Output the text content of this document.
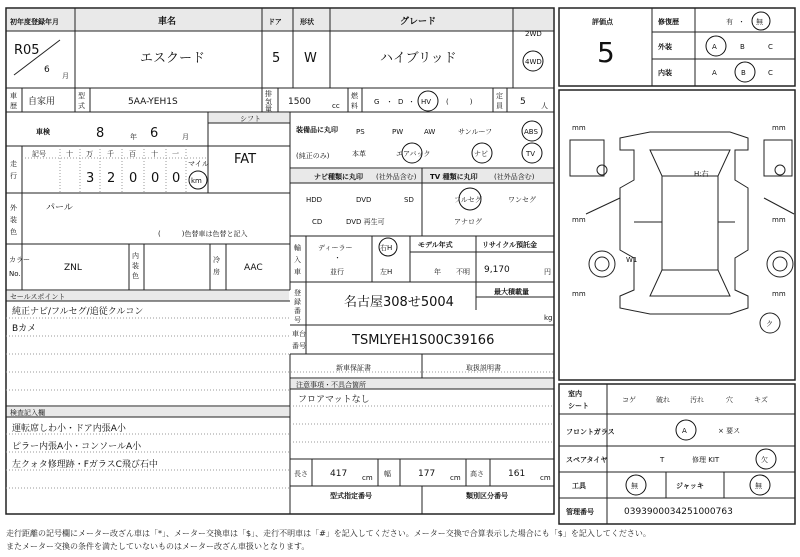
初年度登録年月
R05
6
月
車名
エスクード
ドア
5
形状
W
グレード
ハイブリッド
2WD
4WD
車
歴 自家用
型
式	5AA-YEH1S
排
気
量
1500	cc
燃
料 G ・ D ・ HV (　　　)
定
員 5 人
車検	8	年 6	月
シフト
FAT
走
行
記号	十 万 千 百 十 一
3 2 0 0 0
マイル
km
装備品に丸印
(純正のみ)
PS	PW	AW	サンルーフ	ABS
本革	エアバック	ナビ	TV
ナビ種類に丸印 (社外品含む)
HDD	DVD	SD
CD	DVD 再生可
TV 種類に丸印 (社外品含む)
フルセグ	ワンセグ
アナログ
外
装
色
パール
(　　　)色替車は色替と記入
カラー
No.
ZNL
内
装
色
冷
房	AAC
輸
入
車
ディーラー
・
並行
右H
左H
モデル年式
年 不明
リサイクル預託金
9,170	円
登
録
番
号
名古屋308せ5004
最大積載量
kg
車台
番号	TSMLYEH1S00C39166
セールスポイント
純正ナビ/フルセグ/追従クルコン
Bカメ
新車保証書	取扱説明書
注意事項・不具合箇所
フロアマットなし
検査記入欄
運転席しわ小・ドア内張A小
ピラー内張A小・コンソールA小
左クォタ修理跡・FガラスC飛び石中
長さ 417 cm 幅	177 cm 高さ	161 cm
型式指定番号	類別区分番号
評価点
5
修復歴	有 ・ 無
外装	A	B	C
内装	A	B	C
mm	mm
mm	mm
mm	mm
H:右
W1
ク
室内
シート
コゲ	破れ	汚れ	穴	キズ
フロントガラス	A	× 要ス
スペアタイヤ	T	修理 KIT	欠
工具	無	ジャッキ	無
管理番号	0393900034251000763
走行距離の記号欄にメーター改ざん車は「*」、メーター交換車は「$」、走行不明車は「#」を記入してください。メーター交換で合算表示した場合にも「$」を記入してください。
またメーター交換の条件を満たしていないものはメーター改ざん車扱いとなります。
